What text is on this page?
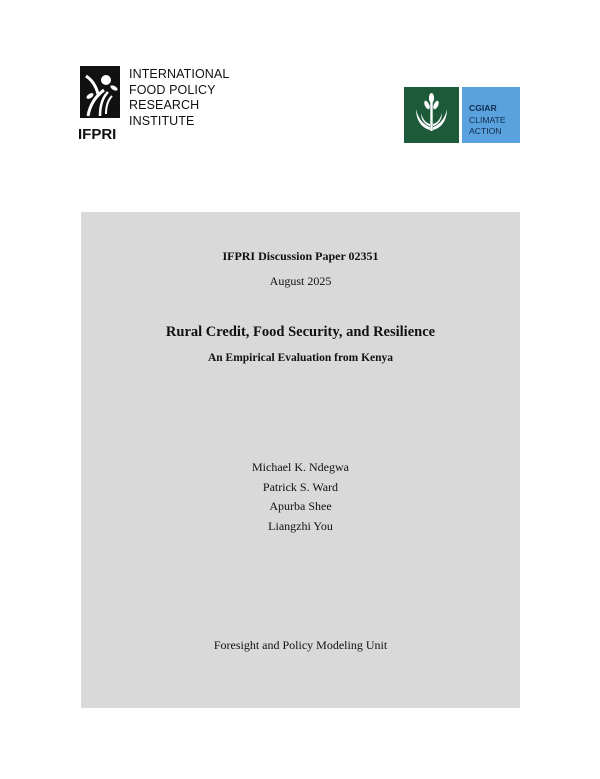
IFPRI
INTERNATIONAL
FOOD POLICY
RESEARCH
INSTITUTE
CGIAR
CLIMATE
ACTION
IFPRI Discussion Paper 02351
August 2025
Rural Credit, Food Security, and Resilience
An Empirical Evaluation from Kenya
Michael K. Ndegwa
Patrick S. Ward
Apurba Shee
Liangzhi You
Foresight and Policy Modeling Unit
